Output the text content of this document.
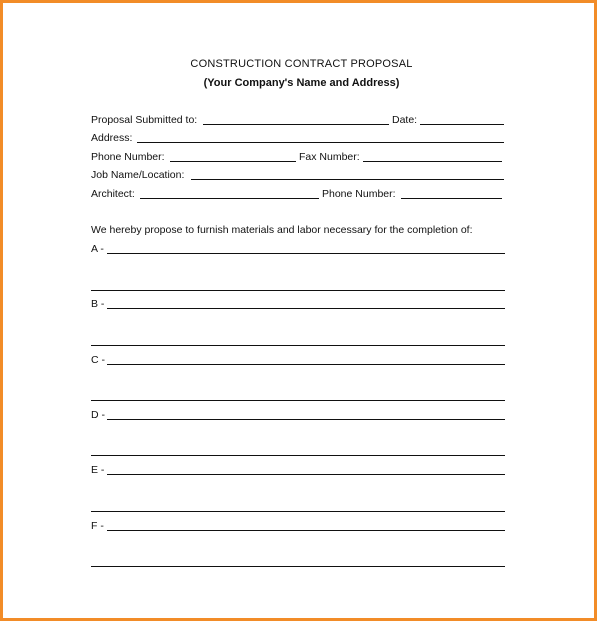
CONSTRUCTION CONTRACT PROPOSAL
(Your Company's Name and Address)
Proposal Submitted to:	Date:
Address:
Phone Number:	Fax Number:
Job Name/Location:
Architect:	Phone Number:
We hereby propose to furnish materials and labor necessary for the completion of:
A -
B -
C -
D -
E -
F -
